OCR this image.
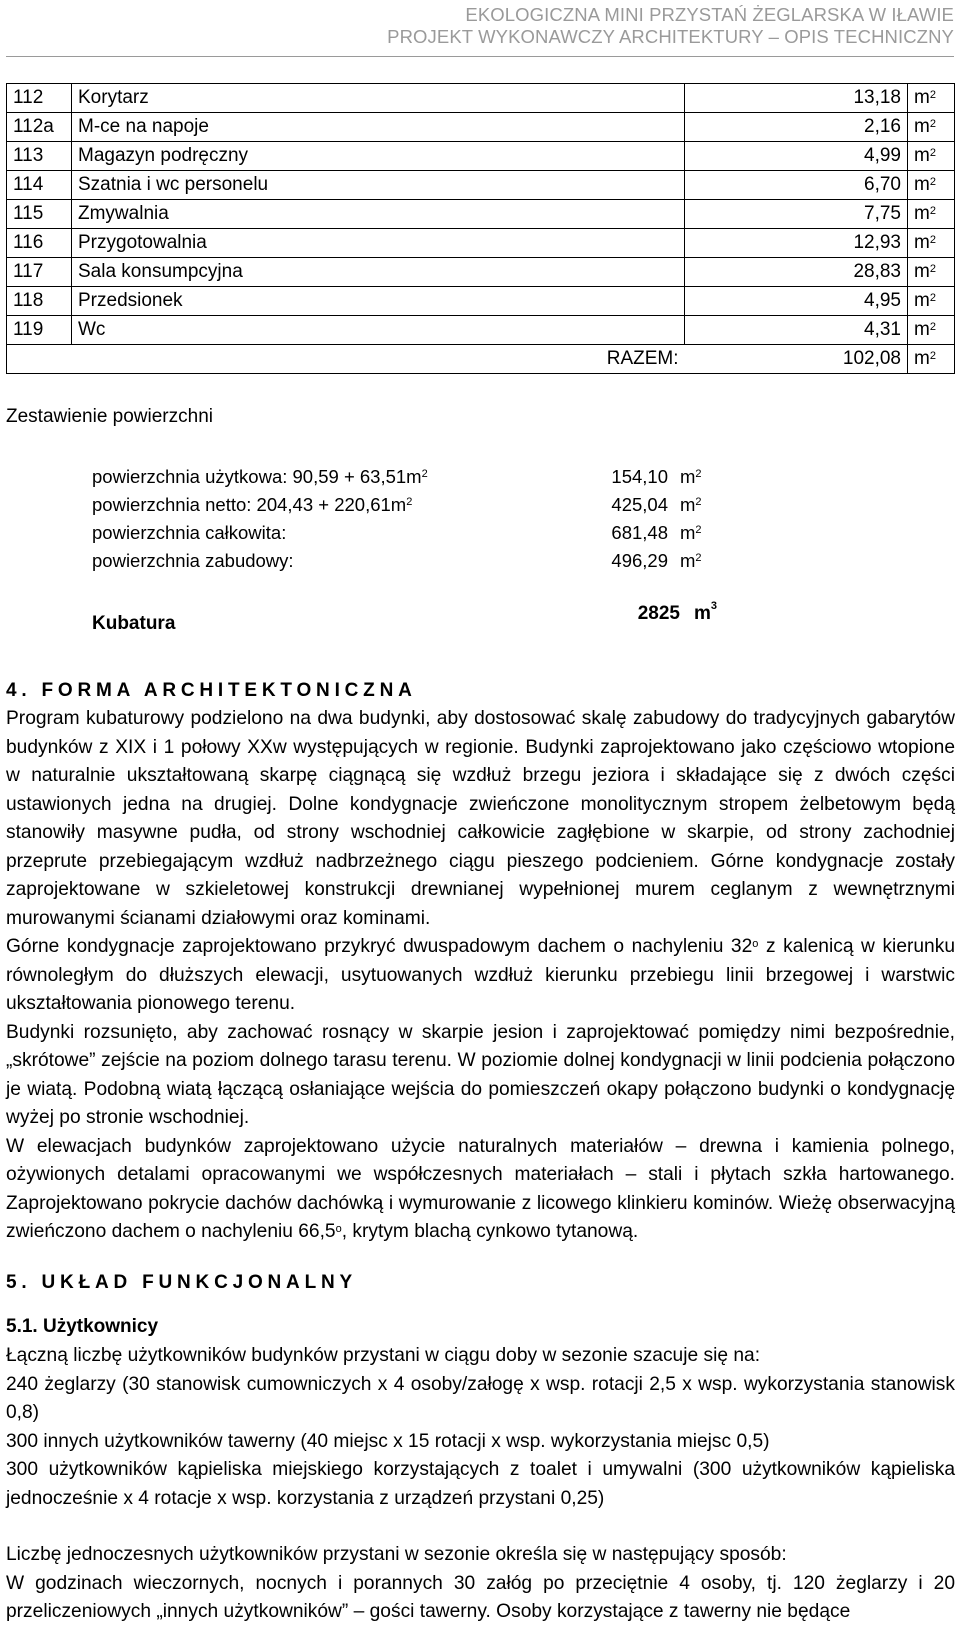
EKOLOGICZNA MINI PRZYSTAŃ ŻEGLARSKA W IŁAWIE
PROJEKT WYKONAWCZY ARCHITEKTURY – OPIS TECHNICZNY
112	Korytarz	13,18	$m^2$
112a	M-ce na napoje	2,16	$m^2$
113	Magazyn podręczny	4,99	$m^2$
114	Szatnia i wc personelu	6,70	$m^2$
115	Zmywalnia	7,75	$m^2$
116	Przygotowalnia	12,93	$m^2$
117	Sala konsumpcyjna	28,83	$m^2$
118	Przedsionek	4,95	$m^2$
119	Wc	4,31	$m^2$
RAZEM:		102,08	$m^2$
Zestawienie powierzchni
powierzchnia użytkowa: $90,59 + 63,51m^2$	154,10 $m^2$
powierzchnia netto: $204,43 + 220,61m^2$	425,04 $m^2$
powierzchnia całkowita:	681,48 $m^2$
powierzchnia zabudowy:	496,29 $m^2$
Kubatura	2825 $m^3$
4. FORMA ARCHITEKTONICZNA

Program kubaturowy podzielono na dwa budynki, aby dostosować skalę zabudowy do tradycyjnych gabarytów budynków z XIX i 1 połowy XXw występujących w regionie. Budynki zaprojektowano jako częściowo wtopione w naturalnie ukształtowaną skarpę ciągnącą się wzdłuż brzegu jeziora i składające się z dwóch części ustawionych jedna na drugiej. Dolne kondygnacje zwieńczone monolitycznym stropem żelbetowym będą stanowiły masywne pudła, od strony wschodniej całkowicie zagłębione w skarpie, od strony zachodniej przeprute przebiegającym wzdłuż nadbrzeżnego ciągu pieszego podcieniem. Górne kondygnacje zostały zaprojektowane w szkieletowej konstrukcji drewnianej wypełnionej murem ceglanym z wewnętrznymi murowanymi ścianami działowymi oraz kominami.

Górne kondygnacje zaprojektowano przykryć dwuspadowym dachem o nachyleniu 32$^o$ z kalenicą w kierunku równoległym do dłuższych elewacji, usytuowanych wzdłuż kierunku przebiegu linii brzegowej i warstwic ukształtowania pionowego terenu.

Budynki rozsunięto, aby zachować rosnący w skarpie jesion i zaprojektować pomiędzy nimi bezpośrednie, „skrótowe” zejście na poziom dolnego tarasu terenu. W poziomie dolnej kondygnacji w linii podcienia połączono je wiatą. Podobną wiatą łączącą osłaniające wejścia do pomieszczeń okapy połączono budynki o kondygnację wyżej po stronie wschodniej.

W elewacjach budynków zaprojektowano użycie naturalnych materiałów – drewna i kamienia polnego, ożywionych detalami opracowanymi we współczesnych materiałach – stali i płytach szkła hartowanego. Zaprojektowano pokrycie dachów dachówką i wymurowanie z licowego klinkieru kominów. Wieżę obserwacyjną zwieńczono dachem o nachyleniu 66,5$^o$, krytym blachą cynkowo tytanową.

5. UKŁAD FUNKCJONALNY
5.1. Użytkownicy

Łączną liczbę użytkowników budynków przystani w ciągu doby w sezonie szacuje się na:

240 żeglarzy (30 stanowisk cumowniczych x 4 osoby/załogę x wsp. rotacji 2,5 x wsp. wykorzystania stanowisk 0,8)

300 innych użytkowników tawerny (40 miejsc x 15 rotacji x wsp. wykorzystania miejsc 0,5)

300 użytkowników kąpieliska miejskiego korzystających z toalet i umywalni (300 użytkowników kąpieliska jednocześnie x 4 rotacje x wsp. korzystania z urządzeń przystani 0,25)

Liczbę jednoczesnych użytkowników przystani w sezonie określa się w następujący sposób:

W godzinach wieczornych, nocnych i porannych 30 załóg po przeciętnie 4 osoby, tj. 120 żeglarzy i 20 przeliczeniowych „innych użytkowników” – gości tawerny. Osoby korzystające z tawerny nie będące
